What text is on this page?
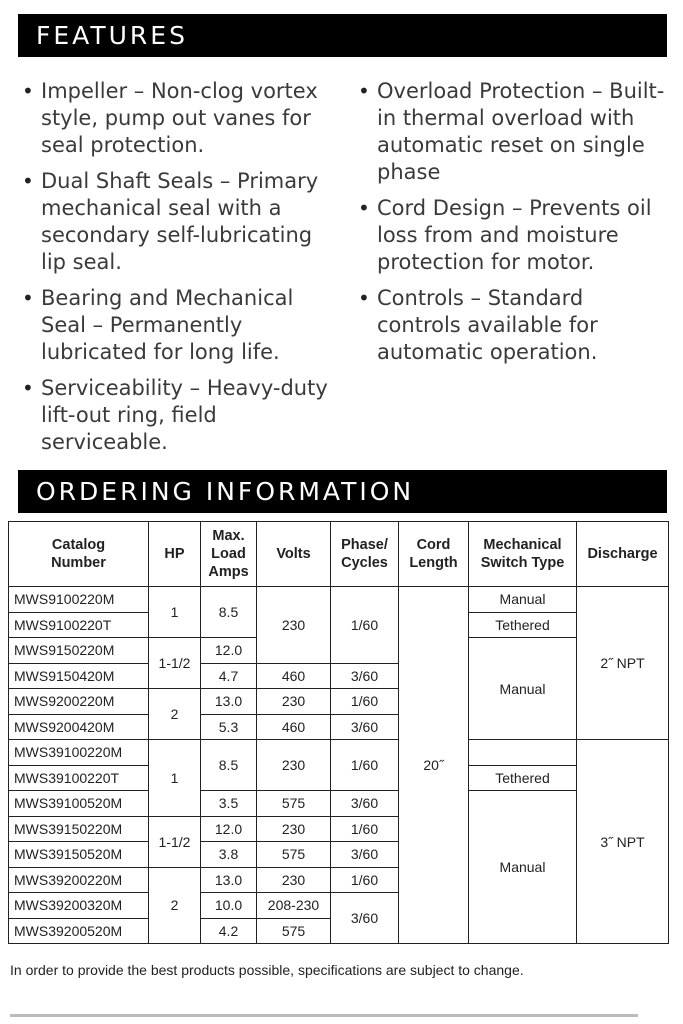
FEATURES
• Impeller – Non-clog vortex style, pump out vanes for seal protection.
• Dual Shaft Seals – Primary mechanical seal with a secondary self-lubricating lip seal.
• Bearing and Mechanical Seal – Permanently lubricated for long life.
• Serviceability – Heavy-duty lift-out ring, field serviceable.
• Overload Protection – Built-in thermal overload with automatic reset on single phase
• Cord Design – Prevents oil loss from and moisture protection for motor.
• Controls – Standard controls available for automatic operation.
ORDERING INFORMATION
Catalog
Number	HP	Max.
Load
Amps	Volts	Phase/
Cycles	Cord
Length	Mechanical
Switch Type	Discharge
MWS9100220M	1	8.5	230	1/60	20˝	Manual	2˝ NPT
MWS9100220T						Tethered	
MWS9150220M	1-1/2	12.0				Manual	
MWS9150420M		4.7	460	3/60			
MWS9200220M	2	13.0	230	1/60			
MWS9200420M		5.3	460	3/60			
MWS39100220M	1	8.5	230	1/60			3˝ NPT
MWS39100220T						Tethered	
MWS39100520M		3.5	575	3/60		Manual	
MWS39150220M	1-1/2	12.0	230	1/60			
MWS39150520M		3.8	575	3/60			
MWS39200220M	2	13.0	230	1/60			
MWS39200320M		10.0	208-230	3/60			
MWS39200520M		4.2	575				
In order to provide the best products possible, specifications are subject to change.
